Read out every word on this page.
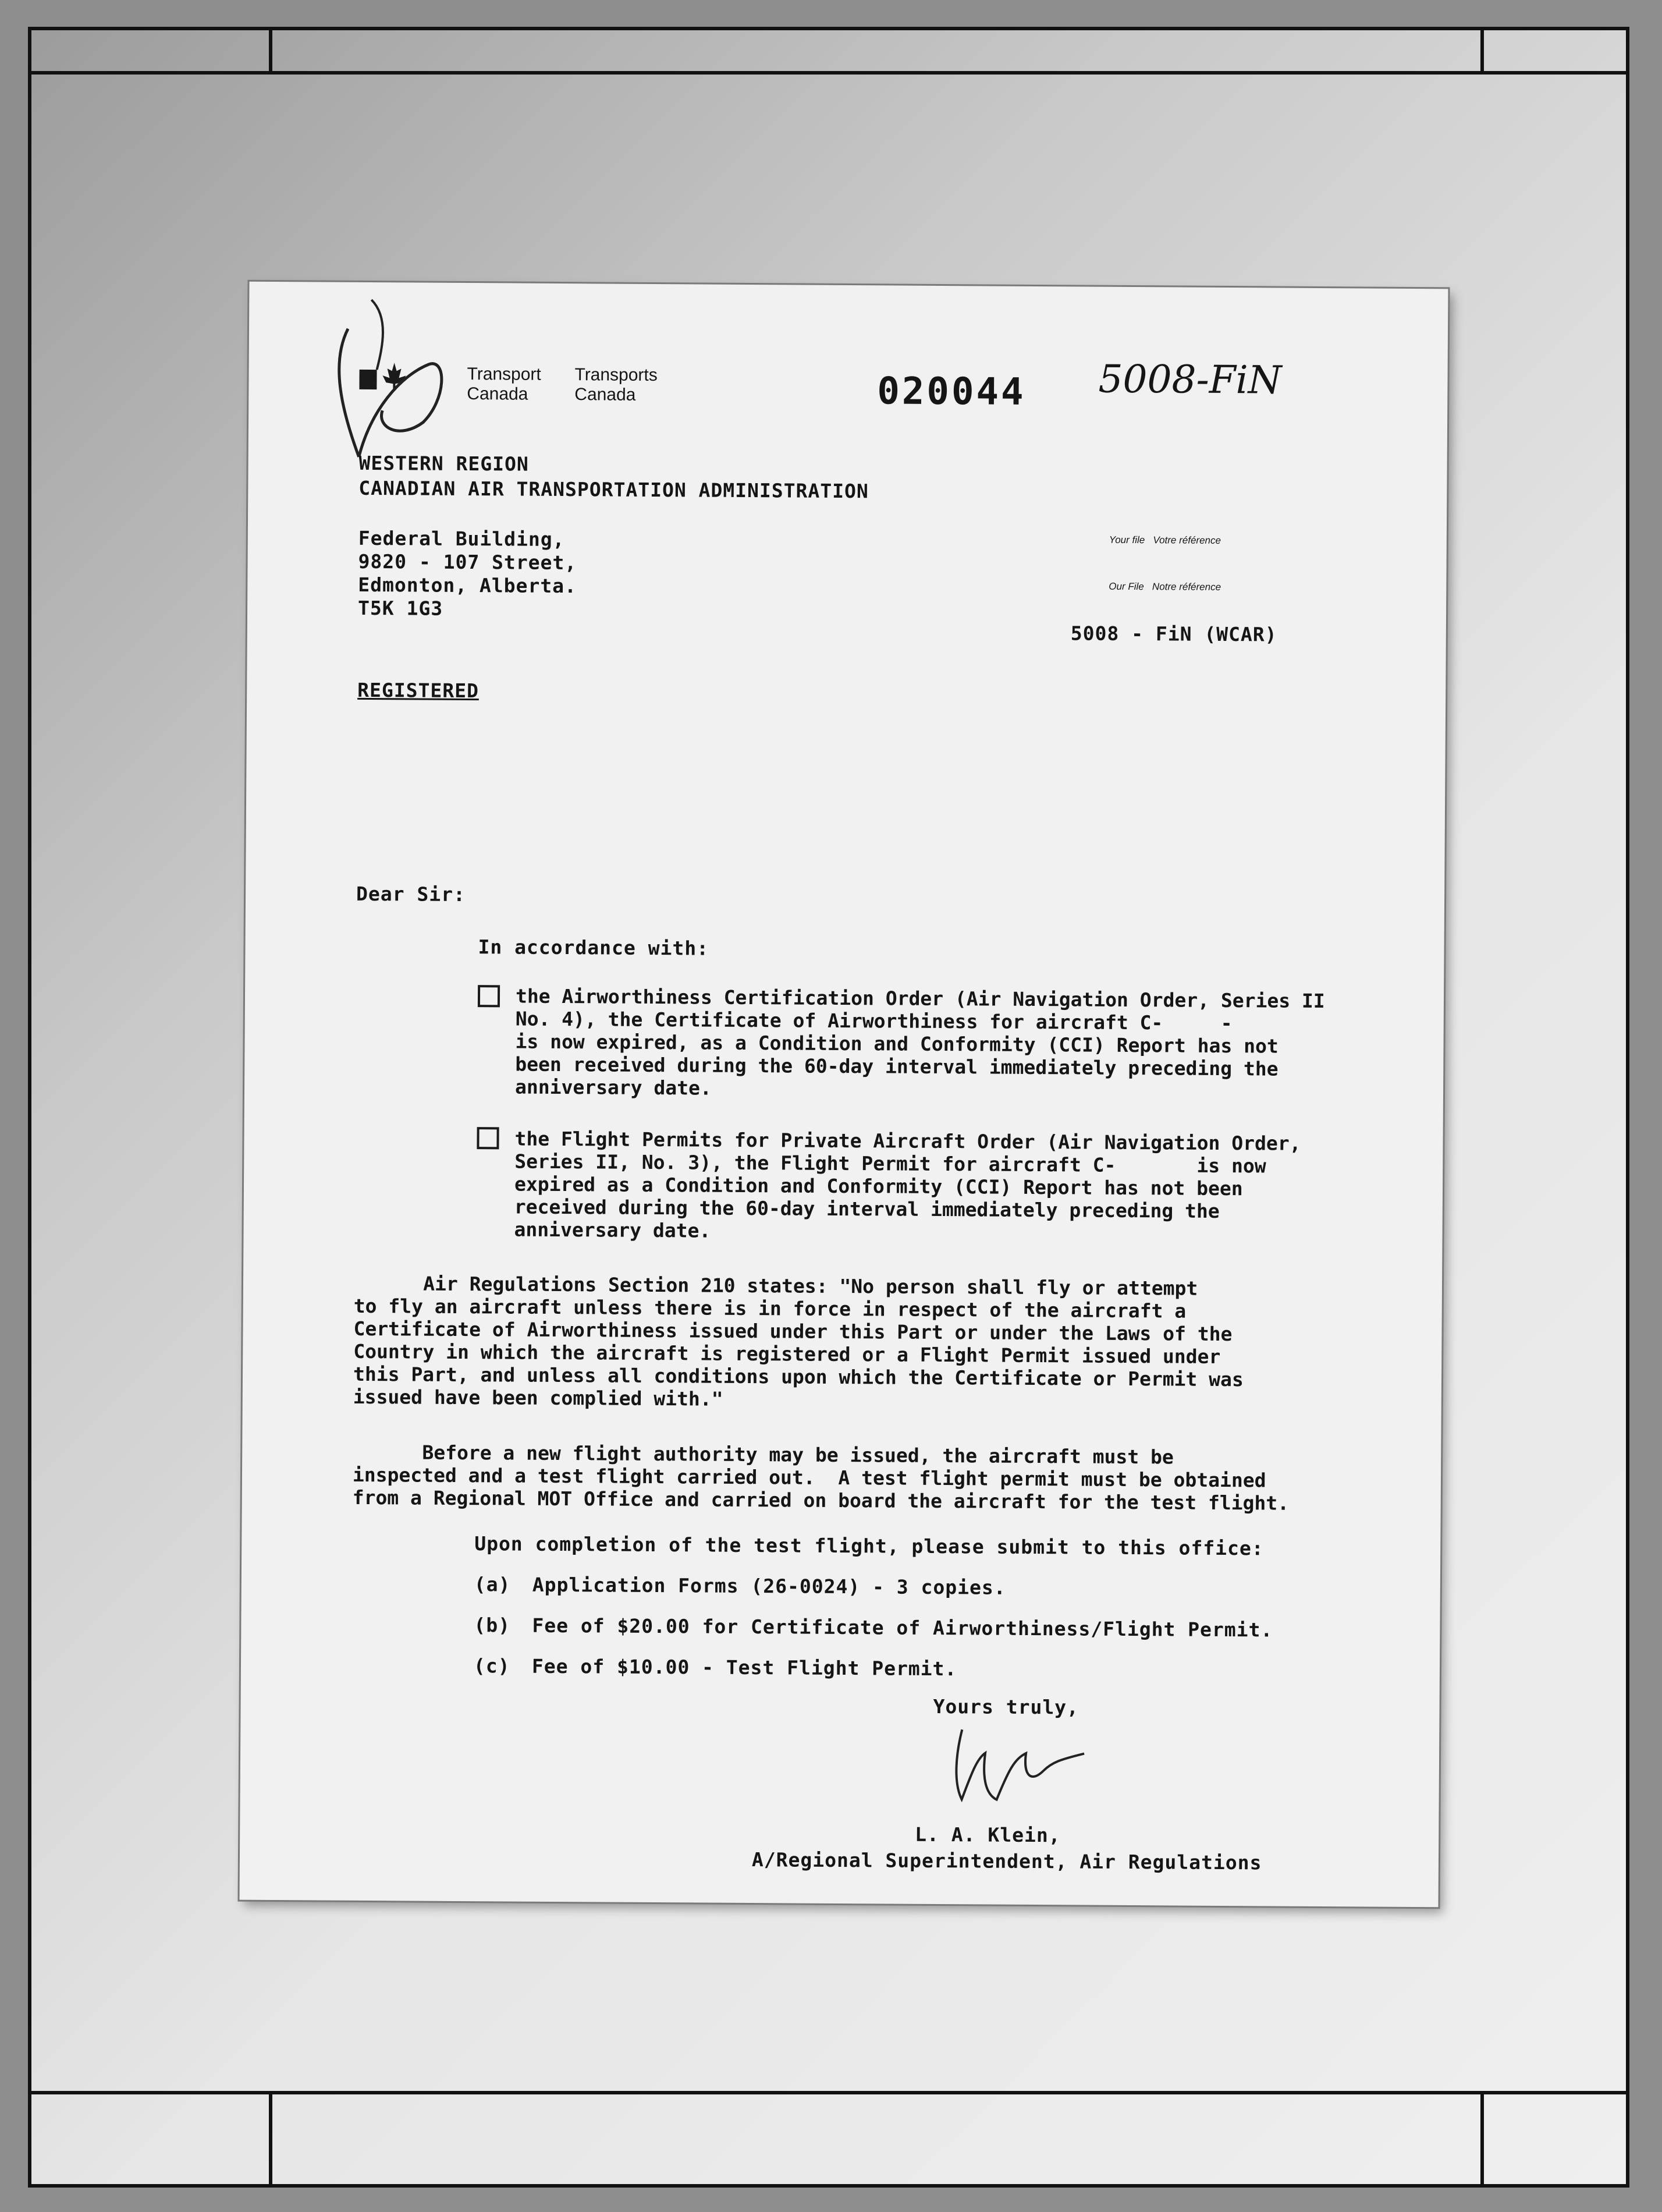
Transport
Canada
Transports
Canada	020044 5008-FiN
WESTERN REGION
CANADIAN AIR TRANSPORTATION ADMINISTRATION
Federal Building,
9820 - 107 Street,
Edmonton, Alberta.
T5K 1G3
Your file   Votre référence
Our File   Notre référence
5008 - FiN (WCAR)
REGISTERED
Dear Sir:
In accordance with:
the Airworthiness Certification Order (Air Navigation Order, Series II
No. 4), the Certificate of Airworthiness for aircraft C-     -
is now expired, as a Condition and Conformity (CCI) Report has not
been received during the 60-day interval immediately preceding the
anniversary date.
the Flight Permits for Private Aircraft Order (Air Navigation Order,
Series II, No. 3), the Flight Permit for aircraft C-       is now
expired as a Condition and Conformity (CCI) Report has not been
received during the 60-day interval immediately preceding the
anniversary date.
Air Regulations Section 210 states: "No person shall fly or attempt
to fly an aircraft unless there is in force in respect of the aircraft a
Certificate of Airworthiness issued under this Part or under the Laws of the
Country in which the aircraft is registered or a Flight Permit issued under
this Part, and unless all conditions upon which the Certificate or Permit was
issued have been complied with."
Before a new flight authority may be issued, the aircraft must be
inspected and a test flight carried out.  A test flight permit must be obtained
from a Regional MOT Office and carried on board the aircraft for the test flight.
Upon completion of the test flight, please submit to this office:
(a) Application Forms (26-0024) - 3 copies.
(b) Fee of $20.00 for Certificate of Airworthiness/Flight Permit.
(c) Fee of $10.00 - Test Flight Permit.
Yours truly,
L. A. Klein,
A/Regional Superintendent, Air Regulations
